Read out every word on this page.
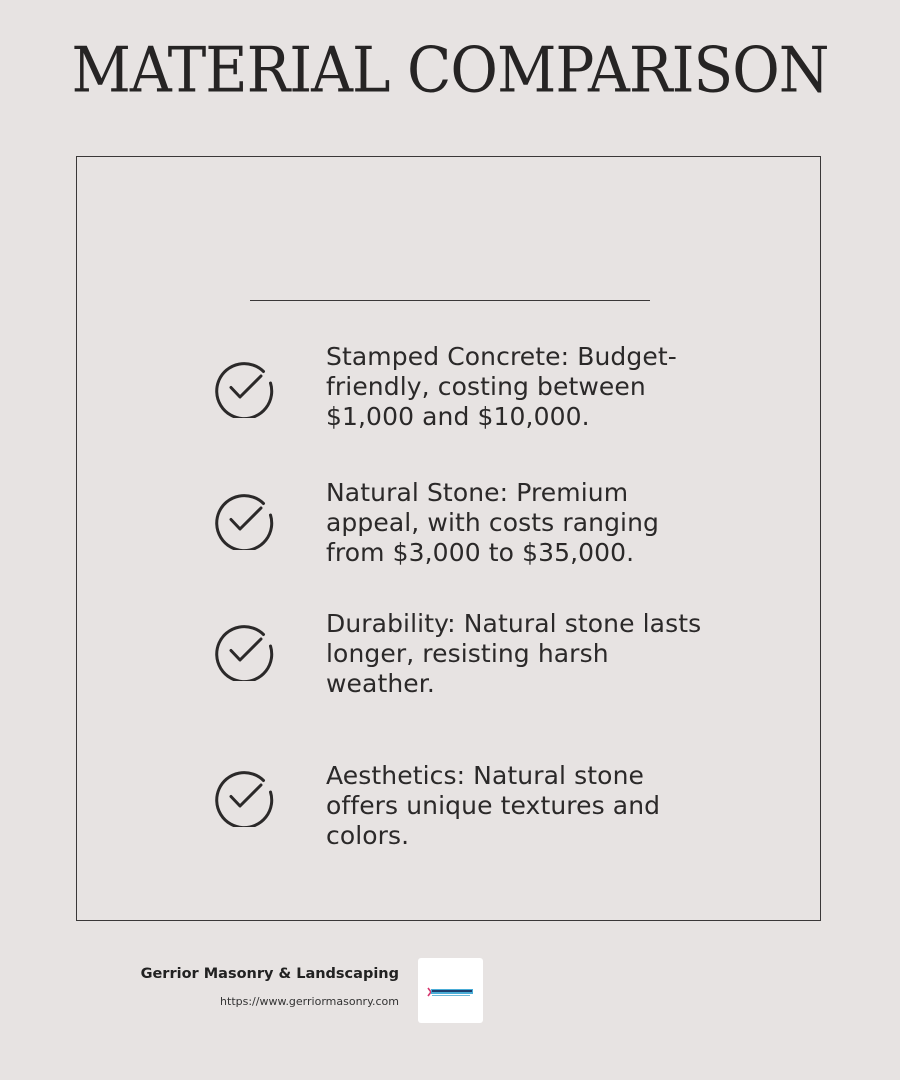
MATERIAL COMPARISON
Stamped Concrete: Budget-friendly, costing between $1,000 and $10,000.
Natural Stone: Premium appeal, with costs ranging from $3,000 to $35,000.
Durability: Natural stone lasts longer, resisting harsh weather.
Aesthetics: Natural stone offers unique textures and colors.
Gerrior Masonry & Landscaping
https://www.gerriormasonry.com
